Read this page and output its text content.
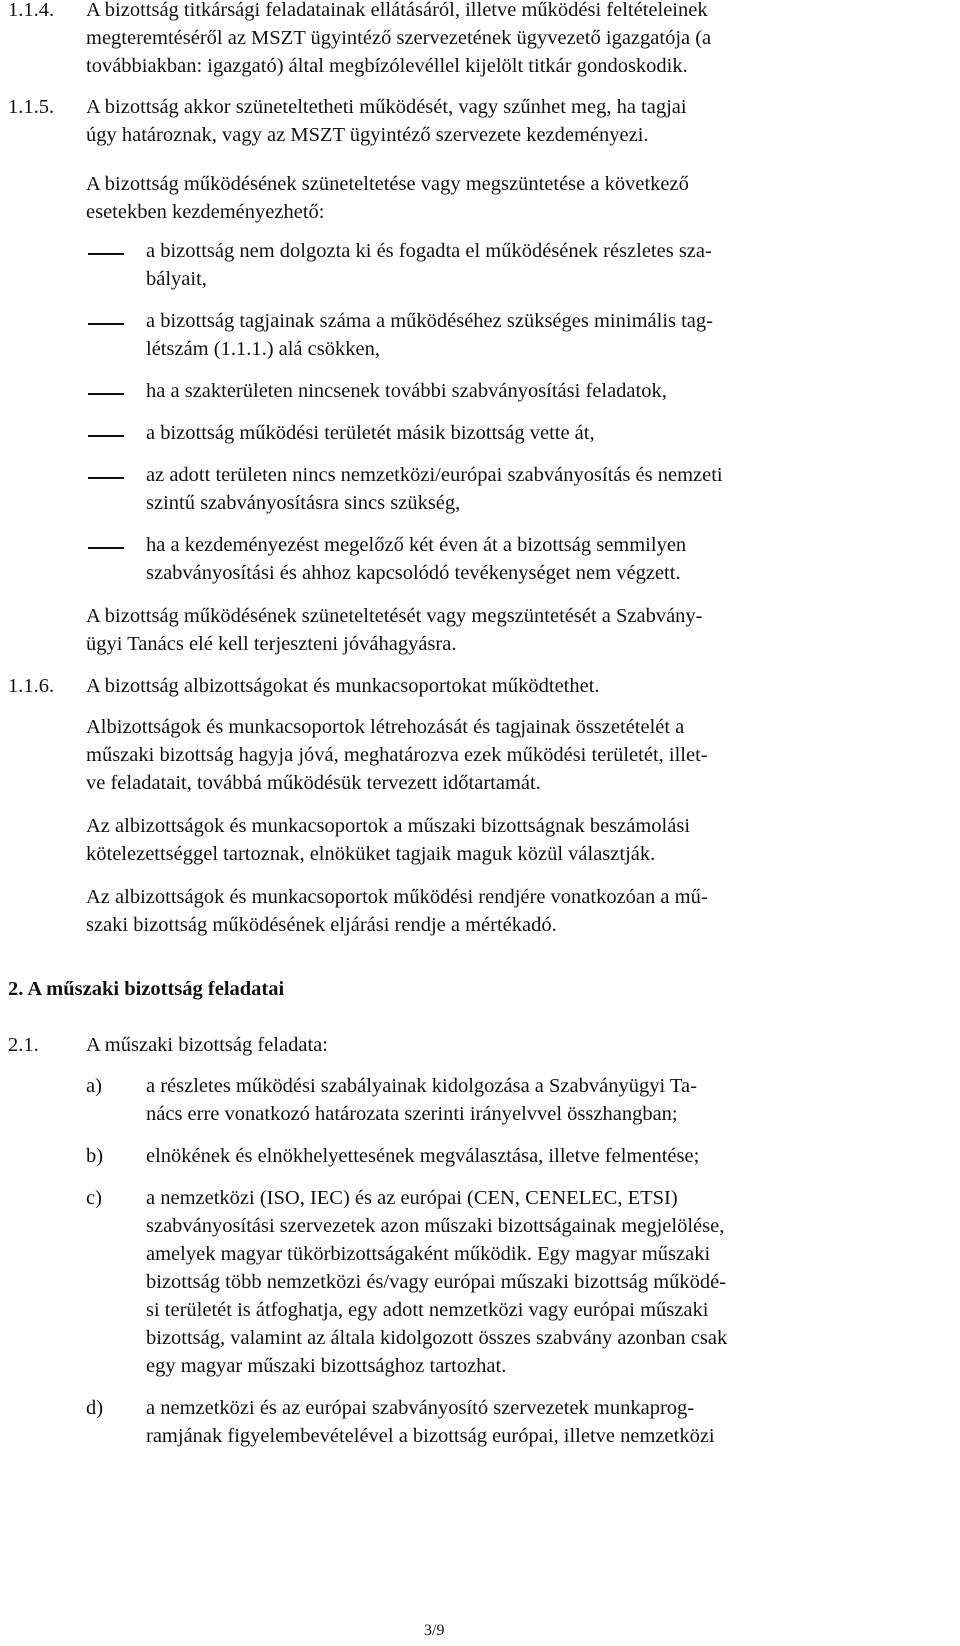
1.1.4. A bizottság titkársági feladatainak ellátásáról, illetve működési feltételeinek
megteremtéséről az MSZT ügyintéző szervezetének ügyvezető igazgatója (a
továbbiakban: igazgató) által megbízólevéllel kijelölt titkár gondoskodik.
1.1.5. A bizottság akkor szüneteltetheti működését, vagy szűnhet meg, ha tagjai
úgy határoznak, vagy az MSZT ügyintéző szervezete kezdeményezi.
A bizottság működésének szüneteltetése vagy megszüntetése a következő
esetekben kezdeményezhető:
a bizottság nem dolgozta ki és fogadta el működésének részletes sza-
bályait,
a bizottság tagjainak száma a működéséhez szükséges minimális tag-
létszám (1.1.1.) alá csökken,
ha a szakterületen nincsenek további szabványosítási feladatok,
a bizottság működési területét másik bizottság vette át,
az adott területen nincs nemzetközi/európai szabványosítás és nemzeti
szintű szabványosításra sincs szükség,
ha a kezdeményezést megelőző két éven át a bizottság semmilyen
szabványosítási és ahhoz kapcsolódó tevékenységet nem végzett.
A bizottság működésének szüneteltetését vagy megszüntetését a Szabvány-
ügyi Tanács elé kell terjeszteni jóváhagyásra.
1.1.6. A bizottság albizottságokat és munkacsoportokat működtethet.
Albizottságok és munkacsoportok létrehozását és tagjainak összetételét a
műszaki bizottság hagyja jóvá, meghatározva ezek működési területét, illet-
ve feladatait, továbbá működésük tervezett időtartamát.
Az albizottságok és munkacsoportok a műszaki bizottságnak beszámolási
kötelezettséggel tartoznak, elnöküket tagjaik maguk közül választják.
Az albizottságok és munkacsoportok működési rendjére vonatkozóan a mű-
szaki bizottság működésének eljárási rendje a mértékadó.
2. A műszaki bizottság feladatai
2.1. A műszaki bizottság feladata:
a) a részletes működési szabályainak kidolgozása a Szabványügyi Ta-
nács erre vonatkozó határozata szerinti irányelvvel összhangban;
b) elnökének és elnökhelyettesének megválasztása, illetve felmentése;
c) a nemzetközi (ISO, IEC) és az európai (CEN, CENELEC, ETSI)
szabványosítási szervezetek azon műszaki bizottságainak megjelölése,
amelyek magyar tükörbizottságaként működik. Egy magyar műszaki
bizottság több nemzetközi és/vagy európai műszaki bizottság működé-
si területét is átfoghatja, egy adott nemzetközi vagy európai műszaki
bizottság, valamint az általa kidolgozott összes szabvány azonban csak
egy magyar műszaki bizottsághoz tartozhat.
d) a nemzetközi és az európai szabványosító szervezetek munkaprog-
ramjának figyelembevételével a bizottság európai, illetve nemzetközi
3/9
